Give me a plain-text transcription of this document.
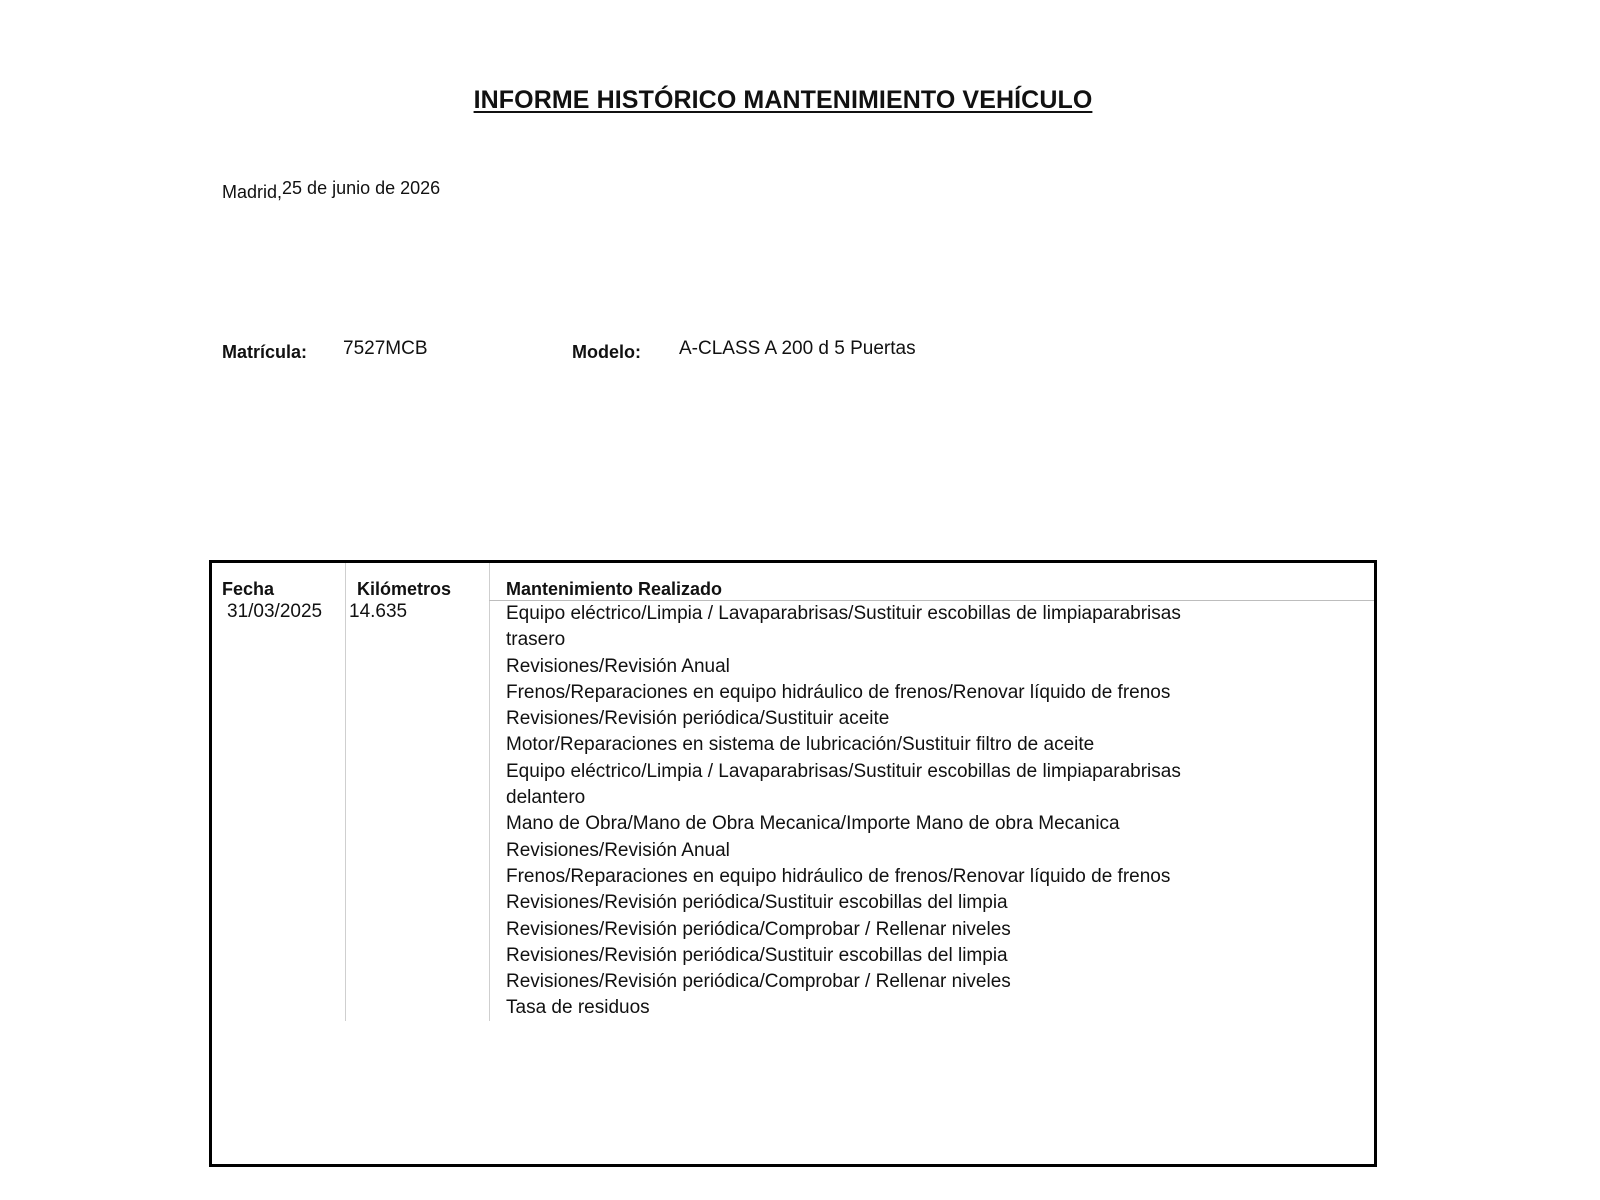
INFORME HISTÓRICO MANTENIMIENTO VEHÍCULO
Madrid,25 de junio de 2026
Matrícula: 7527MCB	Modelo: A-CLASS A 200 d 5 Puertas
Fecha	Kilómetros	Mantenimiento Realizado
31/03/2025 14.635	Equipo eléctrico/Limpia / Lavaparabrisas/Sustituir escobillas de limpiaparabrisas
trasero
Revisiones/Revisión Anual
Frenos/Reparaciones en equipo hidráulico de frenos/Renovar líquido de frenos
Revisiones/Revisión periódica/Sustituir aceite
Motor/Reparaciones en sistema de lubricación/Sustituir filtro de aceite
Equipo eléctrico/Limpia / Lavaparabrisas/Sustituir escobillas de limpiaparabrisas
delantero
Mano de Obra/Mano de Obra Mecanica/Importe Mano de obra Mecanica
Revisiones/Revisión Anual
Frenos/Reparaciones en equipo hidráulico de frenos/Renovar líquido de frenos
Revisiones/Revisión periódica/Sustituir escobillas del limpia
Revisiones/Revisión periódica/Comprobar / Rellenar niveles
Revisiones/Revisión periódica/Sustituir escobillas del limpia
Revisiones/Revisión periódica/Comprobar / Rellenar niveles
Tasa de residuos
